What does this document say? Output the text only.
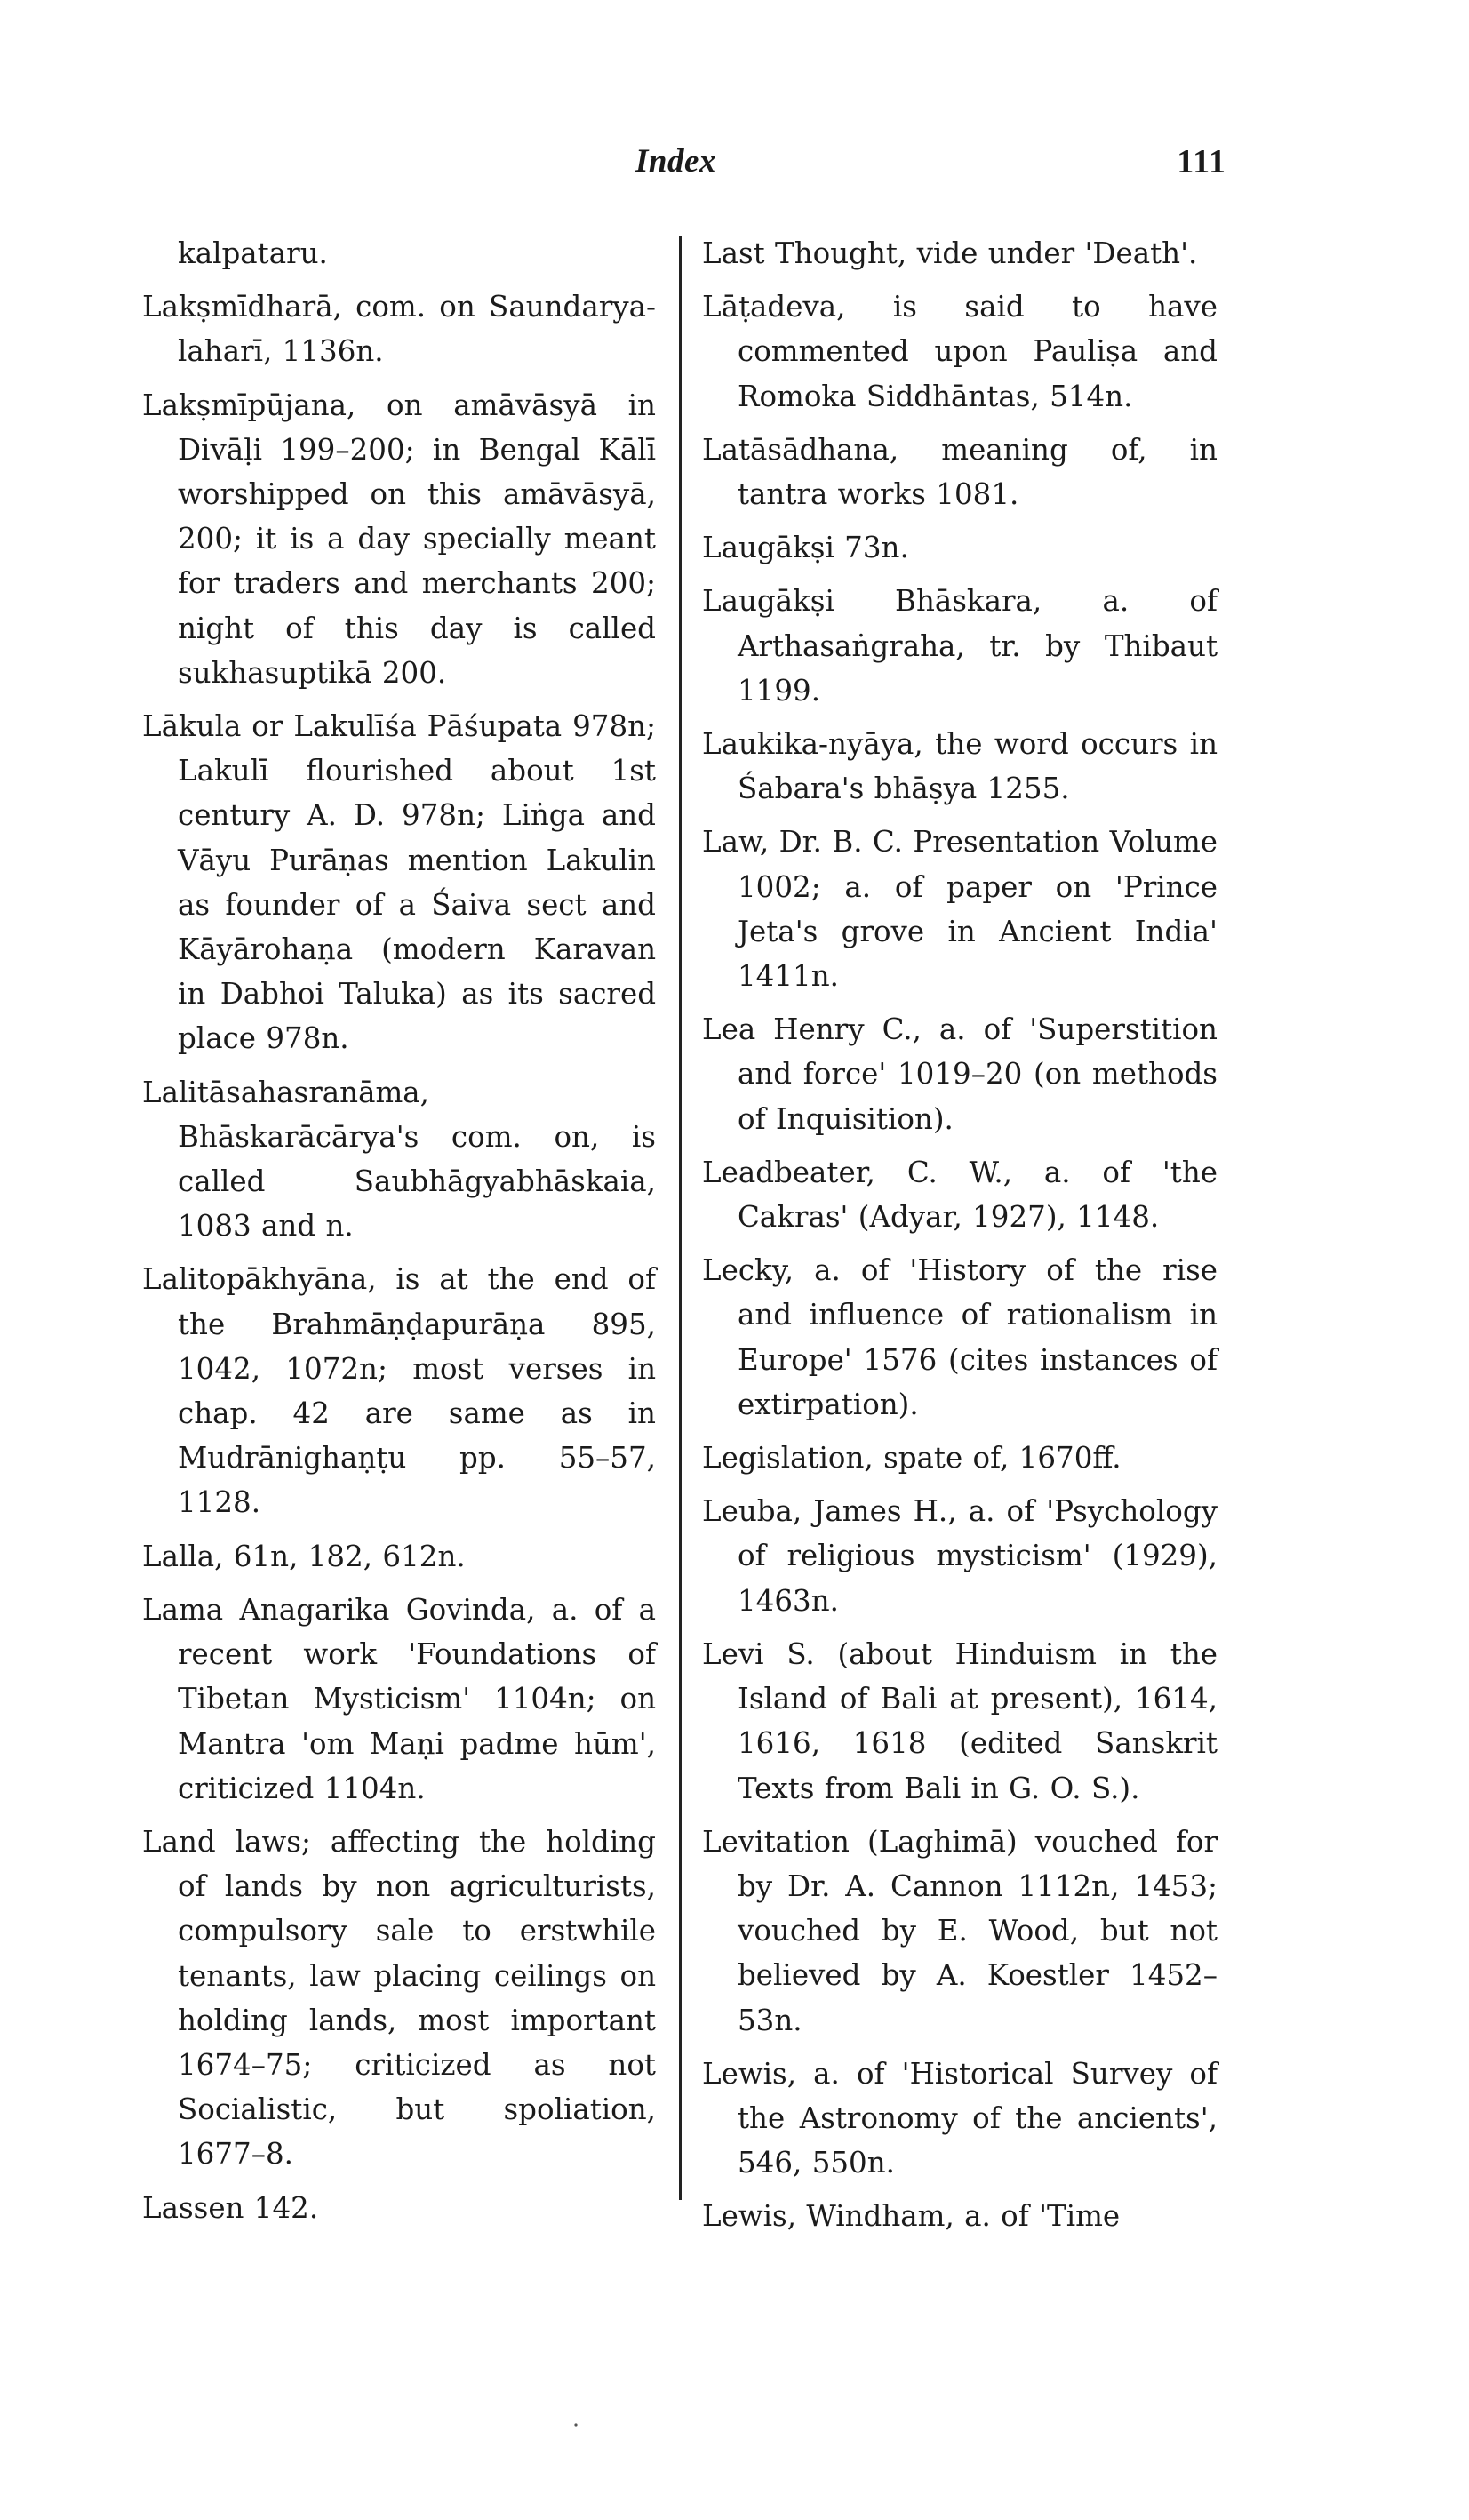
Index	111

kalpataru.

Lakṣmīdharā, com. on Saundarya-laharī, 1136n.

Lakṣmīpūjana, on amāvāsyā in Divāḷi 199–200; in Bengal Kālī worshipped on this amāvāsyā, 200; it is a day specially meant for traders and merchants 200; night of this day is called sukhasuptikā 200.

Lākula or Lakulīśa Pāśupata 978n; Lakulī flourished about 1st century A. D. 978n; Liṅga and Vāyu Purāṇas mention Lakulin as founder of a Śaiva sect and Kāyārohaṇa (modern Karavan in Dabhoi Taluka) as its sacred place 978n.

Lalitāsahasranāma, Bhāskarācārya's com. on, is called Saubhāgyabhāskaia, 1083 and n.

Lalitopākhyāna, is at the end of the Brahmāṇḍapurāṇa 895, 1042, 1072n; most verses in chap. 42 are same as in Mudrānighaṇṭu pp. 55–57, 1128.

Lalla, 61n, 182, 612n.

Lama Anagarika Govinda, a. of a recent work 'Foundations of Tibetan Mysticism' 1104n; on Mantra 'om Maṇi padme hūm', criticized 1104n.

Land laws; affecting the holding of lands by non agriculturists, compulsory sale to erstwhile tenants, law placing ceilings on holding lands, most important 1674–75; criticized as not Socialistic, but spoliation, 1677–8.

Lassen 142.

Last Thought, vide under 'Death'.

Lāṭadeva, is said to have commented upon Pauliṣa and Romoka Siddhāntas, 514n.

Latāsādhana, meaning of, in tantra works 1081.

Laugākṣi 73n.

Laugākṣi Bhāskara, a. of Arthasaṅgraha, tr. by Thibaut 1199.

Laukika-nyāya, the word occurs in Śabara's bhāṣya 1255.

Law, Dr. B. C. Presentation Volume 1002; a. of paper on 'Prince Jeta's grove in Ancient India' 1411n.

Lea Henry C., a. of 'Superstition and force' 1019–20 (on methods of Inquisition).

Leadbeater, C. W., a. of 'the Cakras' (Adyar, 1927), 1148.

Lecky, a. of 'History of the rise and influence of rationalism in Europe' 1576 (cites instances of extirpation).

Legislation, spate of, 1670ff.

Leuba, James H., a. of 'Psychology of religious mysticism' (1929), 1463n.

Levi S. (about Hinduism in the Island of Bali at present), 1614, 1616, 1618 (edited Sanskrit Texts from Bali in G. O. S.).

Levitation (Laghimā) vouched for by Dr. A. Cannon 1112n, 1453; vouched by E. Wood, but not believed by A. Koestler 1452–53n.

Lewis, a. of 'Historical Survey of the Astronomy of the ancients', 546, 550n.

Lewis, Windham, a. of 'Time
